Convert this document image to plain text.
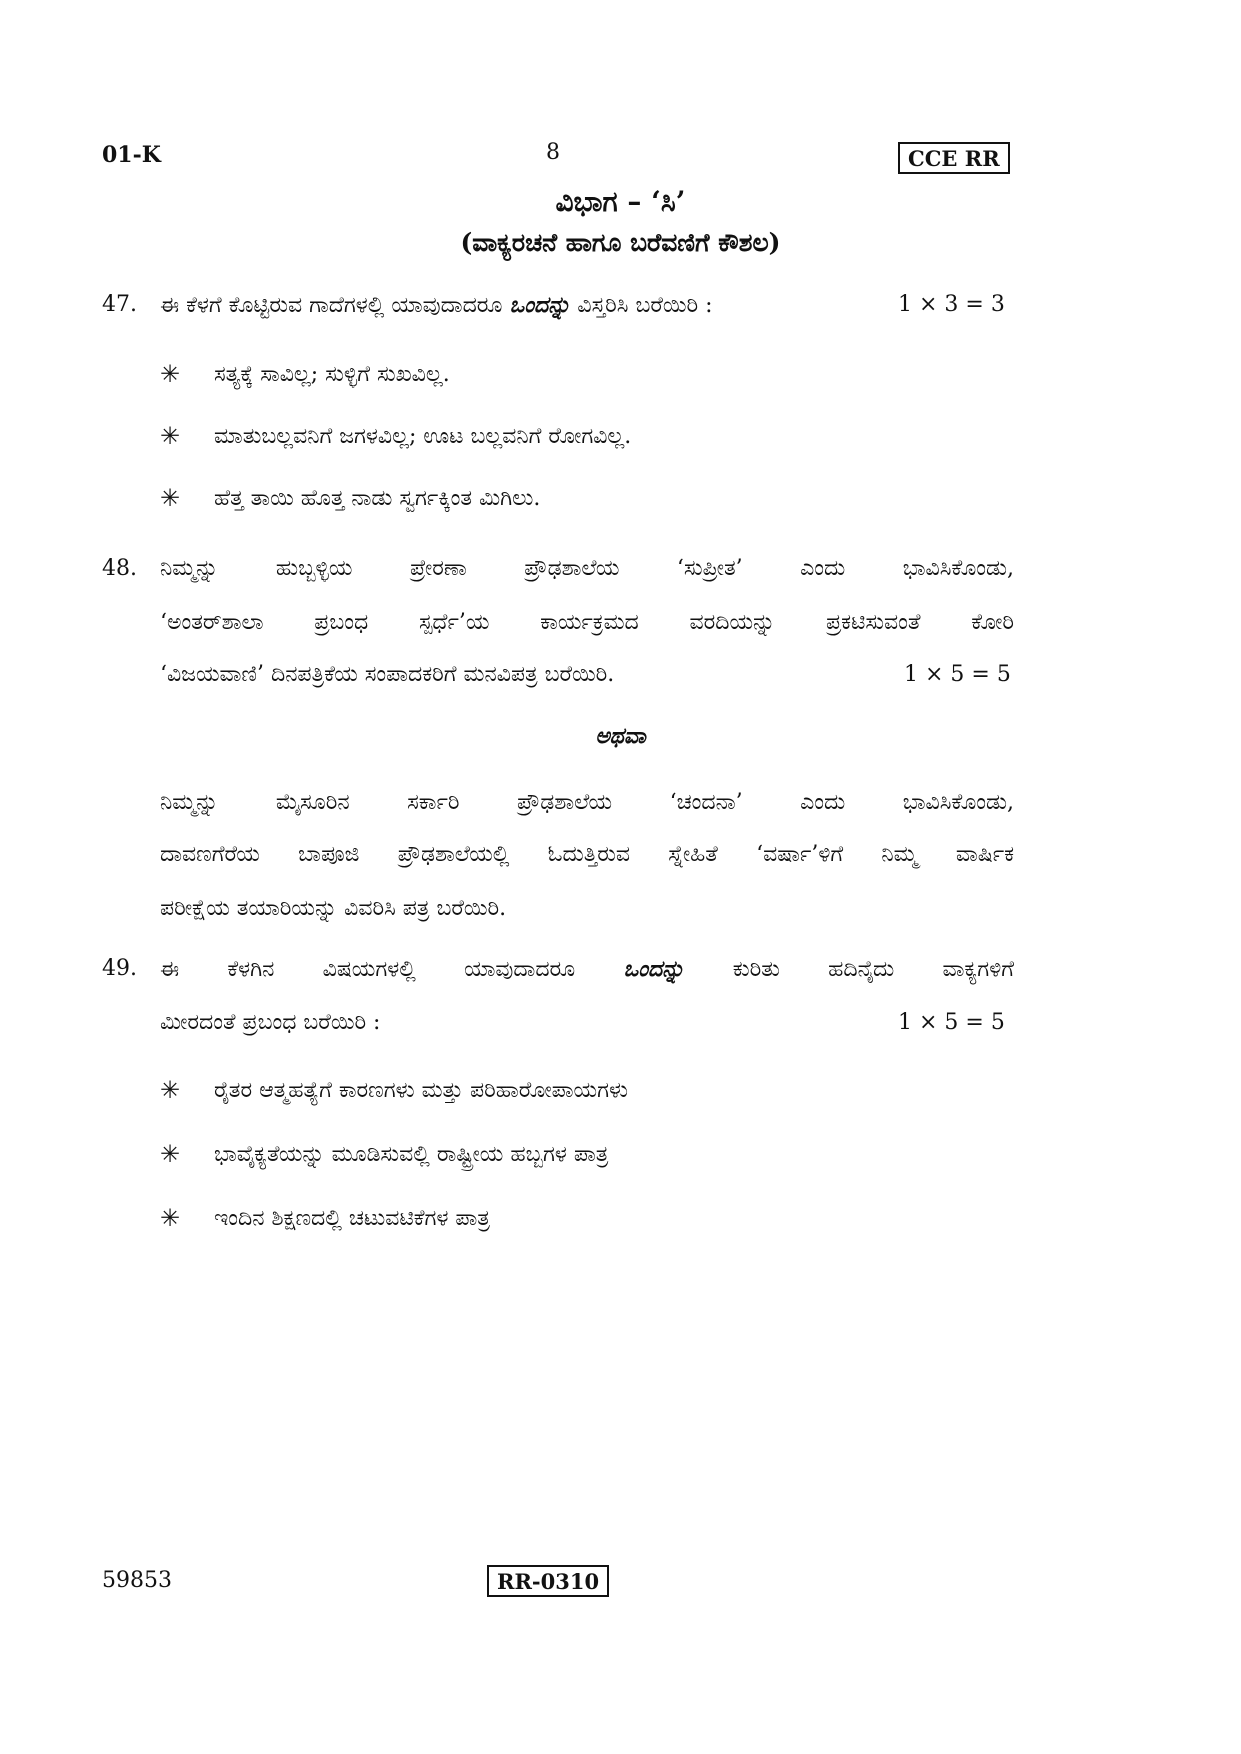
01-K	8	CCE RR
ವಿಭಾಗ – ‘ಸಿ’
(ವಾಕ್ಯರಚನೆ ಹಾಗೂ ಬರೆವಣಿಗೆ ಕೌಶಲ)
47. ಈ ಕೆಳಗೆ ಕೊಟ್ಟಿರುವ ಗಾದೆಗಳಲ್ಲಿ ಯಾವುದಾದರೂ ಒಂದನ್ನು ವಿಸ್ತರಿಸಿ ಬರೆಯಿರಿ :	1 × 3 = 3
✳ ಸತ್ಯಕ್ಕೆ ಸಾವಿಲ್ಲ; ಸುಳ್ಳಿಗೆ ಸುಖವಿಲ್ಲ.
✳ ಮಾತುಬಲ್ಲವನಿಗೆ ಜಗಳವಿಲ್ಲ; ಊಟ ಬಲ್ಲವನಿಗೆ ರೋಗವಿಲ್ಲ.
✳ ಹೆತ್ತ ತಾಯಿ ಹೊತ್ತ ನಾಡು ಸ್ವರ್ಗಕ್ಕಿಂತ ಮಿಗಿಲು.
48. ನಿಮ್ಮನ್ನು ಹುಬ್ಬಳ್ಳಿಯ ಪ್ರೇರಣಾ ಪ್ರೌಢಶಾಲೆಯ ‘ಸುಪ್ರೀತ’ ಎಂದು ಭಾವಿಸಿಕೊಂಡು,
‘ಅಂತರ್‌ಶಾಲಾ ಪ್ರಬಂಧ ಸ್ಪರ್ಧೆ’ಯ ಕಾರ್ಯಕ್ರಮದ ವರದಿಯನ್ನು ಪ್ರಕಟಿಸುವಂತೆ ಕೋರಿ
‘ವಿಜಯವಾಣಿ’ ದಿನಪತ್ರಿಕೆಯ ಸಂಪಾದಕರಿಗೆ ಮನವಿಪತ್ರ ಬರೆಯಿರಿ.	1 × 5 = 5
ಅಥವಾ
ನಿಮ್ಮನ್ನು ಮೈಸೂರಿನ ಸರ್ಕಾರಿ ಪ್ರೌಢಶಾಲೆಯ ‘ಚಂದನಾ’ ಎಂದು ಭಾವಿಸಿಕೊಂಡು,
ದಾವಣಗೆರೆಯ ಬಾಪೂಜಿ ಪ್ರೌಢಶಾಲೆಯಲ್ಲಿ ಓದುತ್ತಿರುವ ಸ್ನೇಹಿತೆ ‘ವರ್ಷಾ’ಳಿಗೆ ನಿಮ್ಮ ವಾರ್ಷಿಕ
ಪರೀಕ್ಷೆಯ ತಯಾರಿಯನ್ನು ವಿವರಿಸಿ ಪತ್ರ ಬರೆಯಿರಿ.
49. ಈ ಕೆಳಗಿನ ವಿಷಯಗಳಲ್ಲಿ ಯಾವುದಾದರೂ ಒಂದನ್ನು ಕುರಿತು ಹದಿನೈದು ವಾಕ್ಯಗಳಿಗೆ
ಮೀರದಂತೆ ಪ್ರಬಂಧ ಬರೆಯಿರಿ :	1 × 5 = 5
✳ ರೈತರ ಆತ್ಮಹತ್ಯೆಗೆ ಕಾರಣಗಳು ಮತ್ತು ಪರಿಹಾರೋಪಾಯಗಳು
✳ ಭಾವೈಕ್ಯತೆಯನ್ನು ಮೂಡಿಸುವಲ್ಲಿ ರಾಷ್ಟ್ರೀಯ ಹಬ್ಬಗಳ ಪಾತ್ರ
✳ ಇಂದಿನ ಶಿಕ್ಷಣದಲ್ಲಿ ಚಟುವಟಿಕೆಗಳ ಪಾತ್ರ
59853	RR-0310
